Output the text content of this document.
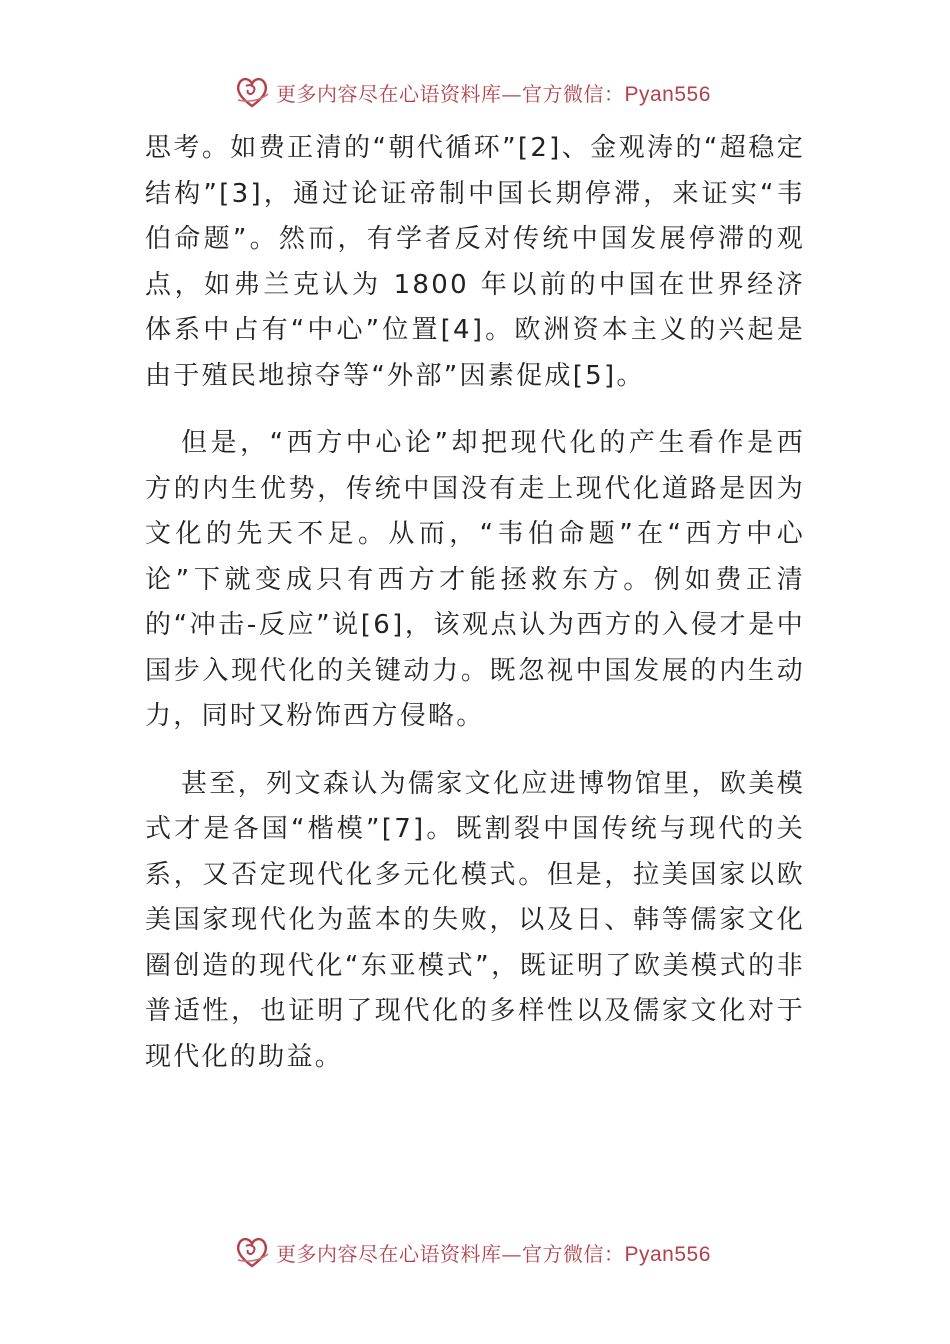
更多内容尽在心语资料库—官方微信：Pyan556

思考。如费正清的“朝代循环”[2]、金观涛的“超稳定结构”[3]，通过论证帝制中国长期停滞，来证实“韦伯命题”。然而，有学者反对传统中国发展停滞的观点，如弗兰克认为 1800 年以前的中国在世界经济体系中占有“中心”位置[4]。欧洲资本主义的兴起是由于殖民地掠夺等“外部”因素促成[5]。

但是，“西方中心论”却把现代化的产生看作是西方的内生优势，传统中国没有走上现代化道路是因为文化的先天不足。从而，“韦伯命题”在“西方中心论”下就变成只有西方才能拯救东方。例如费正清的“冲击-反应”说[6]，该观点认为西方的入侵才是中国步入现代化的关键动力。既忽视中国发展的内生动力，同时又粉饰西方侵略。

甚至，列文森认为儒家文化应进博物馆里，欧美模式才是各国“楷模”[7]。既割裂中国传统与现代的关系，又否定现代化多元化模式。但是，拉美国家以欧美国家现代化为蓝本的失败，以及日、韩等儒家文化圈创造的现代化“东亚模式”，既证明了欧美模式的非普适性，也证明了现代化的多样性以及儒家文化对于现代化的助益。

更多内容尽在心语资料库—官方微信：Pyan556
